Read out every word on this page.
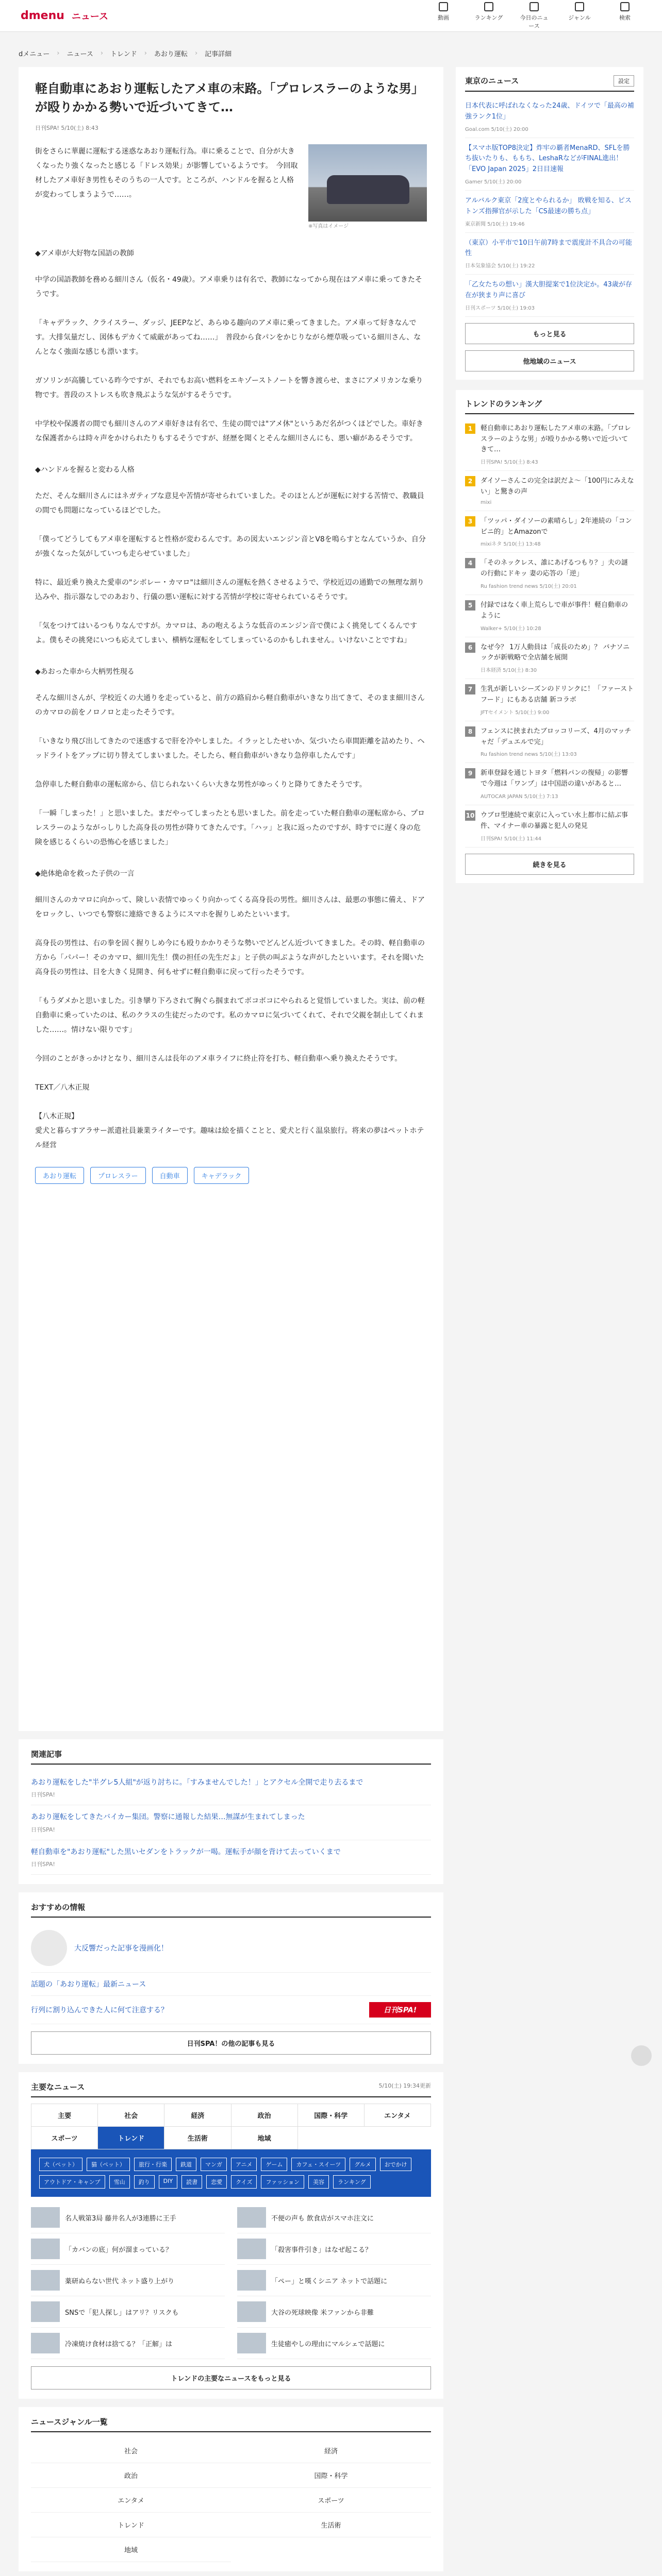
dmenu ニュース	動画	ランキング	今日のニュース
ジャンル	検索
dメニュー › ニュース › トレンド › あおり運転 › 記事詳細
軽自動車にあおり運転したアメ車の末路。「プロレスラーのような男」が殴りかかる勢いで近づいてきて…
日刊SPA! 5/10(土) 8:43

街をさらに華麗に運転する迷惑なあおり運転行為。車に乗ることで、自分が大きくなったり強くなったと感じる「ドレス効果」が影響しているようです。　今回取材したアメ車好き男性もそのうちの一人です。ところが、ハンドルを握ると人格が変わってしまうようで……。

※写真はイメージ
◆アメ車が大好物な国語の教師

中学の国語教師を務める細川さん（仮名・49歳）。アメ車乗りは有名で、教師になってから現在はアメ車に乗ってきたそうです。

「キャデラック、クライスラー、ダッジ、JEEPなど、あらゆる趣向のアメ車に乗ってきました。アメ車って好きなんです。大排気量だし、図体もデカくて威厳があってね……」　普段から食パンをかじりながら煙草吸っている細川さん、なんとなく強面な感じも漂います。

ガソリンが高騰している昨今ですが、それでもお高い燃料をエキゾーストノートを響き渡らせ、まさにアメリカンな乗り物です。普段のストレスも吹き飛ぶような気がするそうです。

中学校や保護者の間でも細川さんのアメ車好きは有名で、生徒の間では"アメ休"というあだ名がつくほどでした。車好きな保護者からは時々声をかけられたりもするそうですが、経歴を聞くとそんな細川さんにも、悪い癖があるそうです。

◆ハンドルを握ると変わる人格

ただ、そんな細川さんにはネガティブな意見や苦情が寄せられていました。そのほとんどが運転に対する苦情で、教職員の間でも問題になっているほどでした。

「僕ってどうしてもアメ車を運転すると性格が変わるんです。あの図太いエンジン音とV8を鳴らすとなんていうか、自分が強くなった気がしていつも走らせていました」

特に、最近乗り換えた愛車の"シボレー・カマロ"は細川さんの運転を熱くさせるようで、学校近辺の通勤での無理な割り込みや、指示器なしでのあおり、行儀の悪い運転に対する苦情が学校に寄せられているそうです。

「気をつけてはいるつもりなんですが。カマロは、あの咆えるような低音のエンジン音で僕によく挑発してくるんですよ。僕もその挑発にいつも応えてしまい、横柄な運転をしてしまっているのかもしれません。いけないことですね」

◆あおった車から大柄男性現る

そんな細川さんが、学校近くの大通りを走っていると、前方の路肩から軽自動車がいきなり出てきて、そのまま細川さんのカマロの前をノロノロと走ったそうです。

「いきなり飛び出してきたので迷惑するで肝を冷やしました。イラッとしたせいか、気づいたら車間距離を詰めたり、ヘッドライトをアップに切り替えてしまいました。そしたら、軽自動車がいきなり急停車したんです」

急停車した軽自動車の運転席から、信じられないくらい大きな男性がゆっくりと降りてきたそうです。

「一瞬「しまった！」と思いました。まだやってしまったとも思いました。前を走っていた軽自動車の運転席から、プロレスラーのようながっしりした高身長の男性が降りてきたんです。「ハッ」と我に返ったのですが、時すでに遅く身の危険を感じるくらいの恐怖心を感じました」

◆絶体絶命を救った子供の一言

細川さんのカマロに向かって、険しい表情でゆっくり向かってくる高身長の男性。細川さんは、最悪の事態に備え、ドアをロックし、いつでも警察に連絡できるようにスマホを握りしめたといいます。

高身長の男性は、右の拳を固く握りしめ今にも殴りかかりそうな勢いでどんどん近づいてきました。その時、軽自動車の方から「パパー！そのカマロ、細川先生！僕の担任の先生だよ」と子供の叫ぶような声がしたといいます。それを聞いた高身長の男性は、目を大きく見開き、何もせずに軽自動車に戻って行ったそうです。

「もうダメかと思いました。引き攣り下ろされて胸ぐら掴まれてボコボコにやられると覚悟していました。実は、前の軽自動車に乗っていたのは、私のクラスの生徒だったのです。私のカマロに気づいてくれて、それで父親を制止してくれました……。情けない限りです」

今回のことがきっかけとなり、細川さんは長年のアメ車ライフに終止符を打ち、軽自動車へ乗り換えたそうです。

TEXT／八木正規

【八木正規】

愛犬と暮らすアラサー派遣社員兼業ライターです。趣味は絵を描くことと、愛犬と行く温泉旅行。将来の夢はペットホテル経営

あおり運転	プロレスラー	自動車	キャデラック
関連記事
あおり運転をした"半グレ5人組"が返り討ちに。「すみませんでした！」とアクセル全開で走り去るまで
日刊SPA!
あおり運転をしてきたバイカー集団。警察に通報した結果…無謀が生まれてしまった
日刊SPA!
軽自動車を"あおり運転"した黒いセダンをトラックが一喝。運転手が顔を背けて去っていくまで
日刊SPA!
おすすめの情報
大反響だった記事を漫画化！
話題の「あおり運転」最新ニュース
行列に割り込んできた人に何て注意する？	日刊SPA!
日刊SPA！の他の記事も見る
主要なニュース	5/10(土) 19:34更新
主要	社会	経済	政治	国際・科学	エンタメ
スポーツ	トレンド	生活術	地域
犬（ペット）	猫（ペット）	旅行・行楽	鉄道	マンガ	アニメ	ゲーム	カフェ・スイーツ	グルメ	おでかけ
アウトドア・キャンプ	雪山	釣り	DIY	読書	恋愛	クイズ	ファッション	美容	ランキング
名人戦第3局 藤井名人が3連勝に王手	不便の声も 飲食店がスマホ注文に
「カバンの底」何が溜まっている？	「殺害事件引き」はなぜ起こる？
薬研ぬらない世代 ネット盛り上がり	「ペー」と嘆くシニア ネットで話題に
SNSで「犯人探し」はアリ？リスクも	大谷の死球映像 米ファンから非難
冷凍焼け食材は捨てる？「正解」は	生徒癒やしの理由にマルシェで話題に
トレンドの主要なニュースをもっと見る
ニュースジャンル一覧
社会	経済
政治	国際・科学
エンタメ	スポーツ
トレンド	生活術
地域
東京のニュース	設定
日本代表に呼ばれなくなった24歳、ドイツで「最高の補強ランク1位」
Goal.com 5/10(土) 20:00
【スマホ版TOP8決定】炸牢の覇者MenaRD、SFLを勝ち抜いたりも、ももち、LeshaRなどがFINAL進出！「EVO Japan 2025」2日目速報
Gamer 5/10(土) 20:00
アルバルク東京「2度とやられるか」 敗戦を知る、ピストンズ指揮官が示した「CS最速の勝ち点」
東京新聞 5/10(土) 19:46
（東京）小平市で10日午前7時まで震度計不具合の可能性
日本気象協会 5/10(土) 19:22
「乙女たちの想い」漢大胆提案で1位決定か。43歳が存在が狭まり声に喜び
日刊スポーツ 5/10(土) 19:03
もっと見る
他地域のニュース
トレンドのランキング
1	軽自動車にあおり運転したアメ車の末路。「プロレスラーのような男」が殴りかかる勢いで近づいてきて…
日刊SPA! 5/10(土) 8:43
2	ダイソーさんこの完全は訳だよ〜「100円にみえない」と驚きの声
mixi
3	「ツッパ・ダイソーの素晴らし」2年連続の「コンビニ的」とAmazonで
mixiネタ 5/10(土) 13:48
4	「そのネックレス、誰にあげるつもり？」夫の謎の行動にドキッ 妻の応答の「逆」
Ru fashion trend news 5/10(土) 20:01
5	付録ではなく車上荒らしで車が事件！軽自動車のように
Walker+ 5/10(土) 10:28
6	なぜ今？ 1万人動員は「成長のため」？ バナソニックが新戦略で全店舗を展開
日本経済 5/10(土) 8:30
7	生乳が新しいシーズンのドリンクに！「ファーストフード」にもある店舗 新コラボ
JFTセイメント 5/10(土) 9:00
8	フェンスに挟まれたブロッコリーズ、4月のマッチャだ「デュエルで完」
Ru fashion trend news 5/10(土) 13:03
9	新車登録を通じトヨタ「燃料パンの復帰」の影響で今週は「ワンプ」は中国語の違いがあると…
AUTOCAR JAPAN 5/10(土) 7:13
10 ウブロ型連続で東京に入ってい水上都市に結ぶ事件、マイナー車の暴露と犯人の発見
日刊SPA! 5/10(土) 11:44
続きを見る
